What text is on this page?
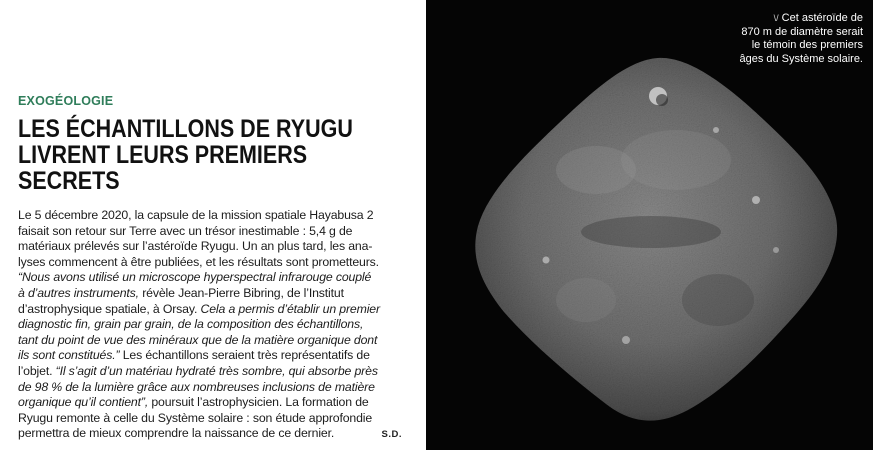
EXOGÉOLOGIE
LES ÉCHANTILLONS DE RYUGU
LIVRENT LEURS PREMIERS SECRETS
Le 5 décembre 2020, la capsule de la mission spatiale Hayabusa 2
faisait son retour sur Terre avec un trésor inestimable : 5,4 g de
matériaux prélevés sur l’astéroïde Ryugu. Un an plus tard, les ana-
lyses commencent à être publiées, et les résultats sont prometteurs.
“Nous avons utilisé un microscope hyperspectral infrarouge couplé
à d’autres instruments, révèle Jean-Pierre Bibring, de l’Institut
d’astrophysique spatiale, à Orsay. Cela a permis d’établir un premier
diagnostic fin, grain par grain, de la composition des échantillons,
tant du point de vue des minéraux que de la matière organique dont
ils sont constitués.” Les échantillons seraient très représentatifs de
l’objet. “Il s’agit d’un matériau hydraté très sombre, qui absorbe près
de 98 % de la lumière grâce aux nombreuses inclusions de matière
organique qu’il contient”, poursuit l’astrophysicien. La formation de
Ryugu remonte à celle du Système solaire : son étude approfondie
permettra de mieux comprendre la naissance de ce dernier.	S.D.
\/ Cet astéroïde de
870 m de diamètre serait
le témoin des premiers
âges du Système solaire.
